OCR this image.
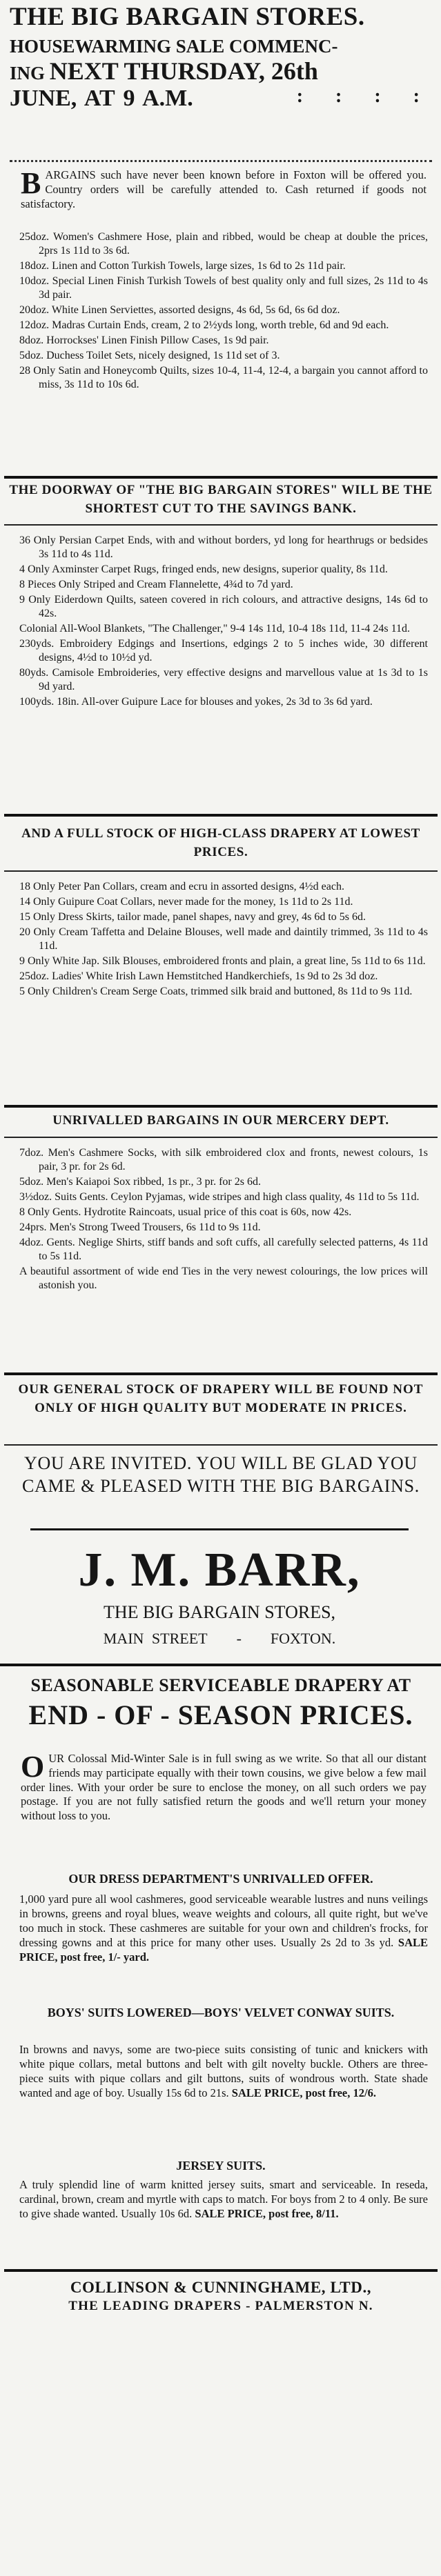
THE BIG BARGAIN STORES.
HOUSEWARMING SALE COMMENC-
ING NEXT THURSDAY, 26th
JUNE, AT 9 A.M.	: : : :
BARGAINS such have never been known before in Foxton will be offered you. Country orders will be carefully attended to. Cash returned if goods not satisfactory.

25doz. Women's Cashmere Hose, plain and ribbed, would be cheap at double the prices, 2prs 1s 11d to 3s 6d.

18doz. Linen and Cotton Turkish Towels, large sizes, 1s 6d to 2s 11d pair.

10doz. Special Linen Finish Turkish Towels of best quality only and full sizes, 2s 11d to 4s 3d pair.

20doz. White Linen Serviettes, assorted designs, 4s 6d, 5s 6d, 6s 6d doz.

12doz. Madras Curtain Ends, cream, 2 to 2½yds long, worth treble, 6d and 9d each.

8doz. Horrockses' Linen Finish Pillow Cases, 1s 9d pair.

5doz. Duchess Toilet Sets, nicely designed, 1s 11d set of 3.

28 Only Satin and Honeycomb Quilts, sizes 10-4, 11-4, 12-4, a bargain you cannot afford to miss, 3s 11d to 10s 6d.

THE DOORWAY OF "THE BIG BARGAIN STORES" WILL BE THE SHORTEST CUT TO THE SAVINGS BANK.

36 Only Persian Carpet Ends, with and without borders, yd long for hearthrugs or bedsides 3s 11d to 4s 11d.

4 Only Axminster Carpet Rugs, fringed ends, new designs, superior quality, 8s 11d.

8 Pieces Only Striped and Cream Flannelette, 4¾d to 7d yard.

9 Only Eiderdown Quilts, sateen covered in rich colours, and attractive designs, 14s 6d to 42s.

Colonial All-Wool Blankets, "The Challenger," 9-4 14s 11d, 10-4 18s 11d, 11-4 24s 11d.

230yds. Embroidery Edgings and Insertions, edgings 2 to 5 inches wide, 30 different designs, 4½d to 10½d yd.

80yds. Camisole Embroideries, very effective designs and marvellous value at 1s 3d to 1s 9d yard.

100yds. 18in. All-over Guipure Lace for blouses and yokes, 2s 3d to 3s 6d yard.

AND A FULL STOCK OF HIGH-CLASS DRAPERY AT LOWEST PRICES.

18 Only Peter Pan Collars, cream and ecru in assorted designs, 4½d each.

14 Only Guipure Coat Collars, never made for the money, 1s 11d to 2s 11d.

15 Only Dress Skirts, tailor made, panel shapes, navy and grey, 4s 6d to 5s 6d.

20 Only Cream Taffetta and Delaine Blouses, well made and daintily trimmed, 3s 11d to 4s 11d.

9 Only White Jap. Silk Blouses, embroidered fronts and plain, a great line, 5s 11d to 6s 11d.

25doz. Ladies' White Irish Lawn Hemstitched Handkerchiefs, 1s 9d to 2s 3d doz.

5 Only Children's Cream Serge Coats, trimmed silk braid and buttoned, 8s 11d to 9s 11d.

UNRIVALLED BARGAINS IN OUR MERCERY DEPT.

7doz. Men's Cashmere Socks, with silk embroidered clox and fronts, newest colours, 1s pair, 3 pr. for 2s 6d.

5doz. Men's Kaiapoi Sox ribbed, 1s pr., 3 pr. for 2s 6d.

3½doz. Suits Gents. Ceylon Pyjamas, wide stripes and high class quality, 4s 11d to 5s 11d.

8 Only Gents. Hydrotite Raincoats, usual price of this coat is 60s, now 42s.

24prs. Men's Strong Tweed Trousers, 6s 11d to 9s 11d.

4doz. Gents. Neglige Shirts, stiff bands and soft cuffs, all carefully selected patterns, 4s 11d to 5s 11d.

A beautiful assortment of wide end Ties in the very newest colourings, the low prices will astonish you.

OUR GENERAL STOCK OF DRAPERY WILL BE FOUND NOT ONLY OF HIGH QUALITY BUT MODERATE IN PRICES.
YOU ARE INVITED. YOU WILL BE GLAD YOU CAME & PLEASED WITH THE BIG BARGAINS.
J. M. BARR,
THE BIG BARGAIN STORES,
MAIN STREET - FOXTON.
SEASONABLE SERVICEABLE DRAPERY AT
END - OF - SEASON PRICES.
OUR Colossal Mid-Winter Sale is in full swing as we write. So that all our distant friends may participate equally with their town cousins, we give below a few mail order lines. With your order be sure to enclose the money, on all such orders we pay postage. If you are not fully satisfied return the goods and we'll return your money without loss to you.
OUR DRESS DEPARTMENT'S UNRIVALLED OFFER.
1,000 yard pure all wool cashmeres, good serviceable wearable lustres and nuns veilings in browns, greens and royal blues, weave weights and colours, all quite right, but we've too much in stock. These cashmeres are suitable for your own and children's frocks, for dressing gowns and at this price for many other uses. Usually 2s 2d to 3s yd. SALE PRICE, post free, 1/- yard.
BOYS' SUITS LOWERED—BOYS' VELVET CONWAY SUITS.
In browns and navys, some are two-piece suits consisting of tunic and knickers with white pique collars, metal buttons and belt with gilt novelty buckle. Others are three-piece suits with pique collars and gilt buttons, suits of wondrous worth. State shade wanted and age of boy. Usually 15s 6d to 21s. SALE PRICE, post free, 12/6.
JERSEY SUITS.
A truly splendid line of warm knitted jersey suits, smart and serviceable. In reseda, cardinal, brown, cream and myrtle with caps to match. For boys from 2 to 4 only. Be sure to give shade wanted. Usually 10s 6d. SALE PRICE, post free, 8/11.
COLLINSON & CUNNINGHAME, LTD.,
THE LEADING DRAPERS - PALMERSTON N.
